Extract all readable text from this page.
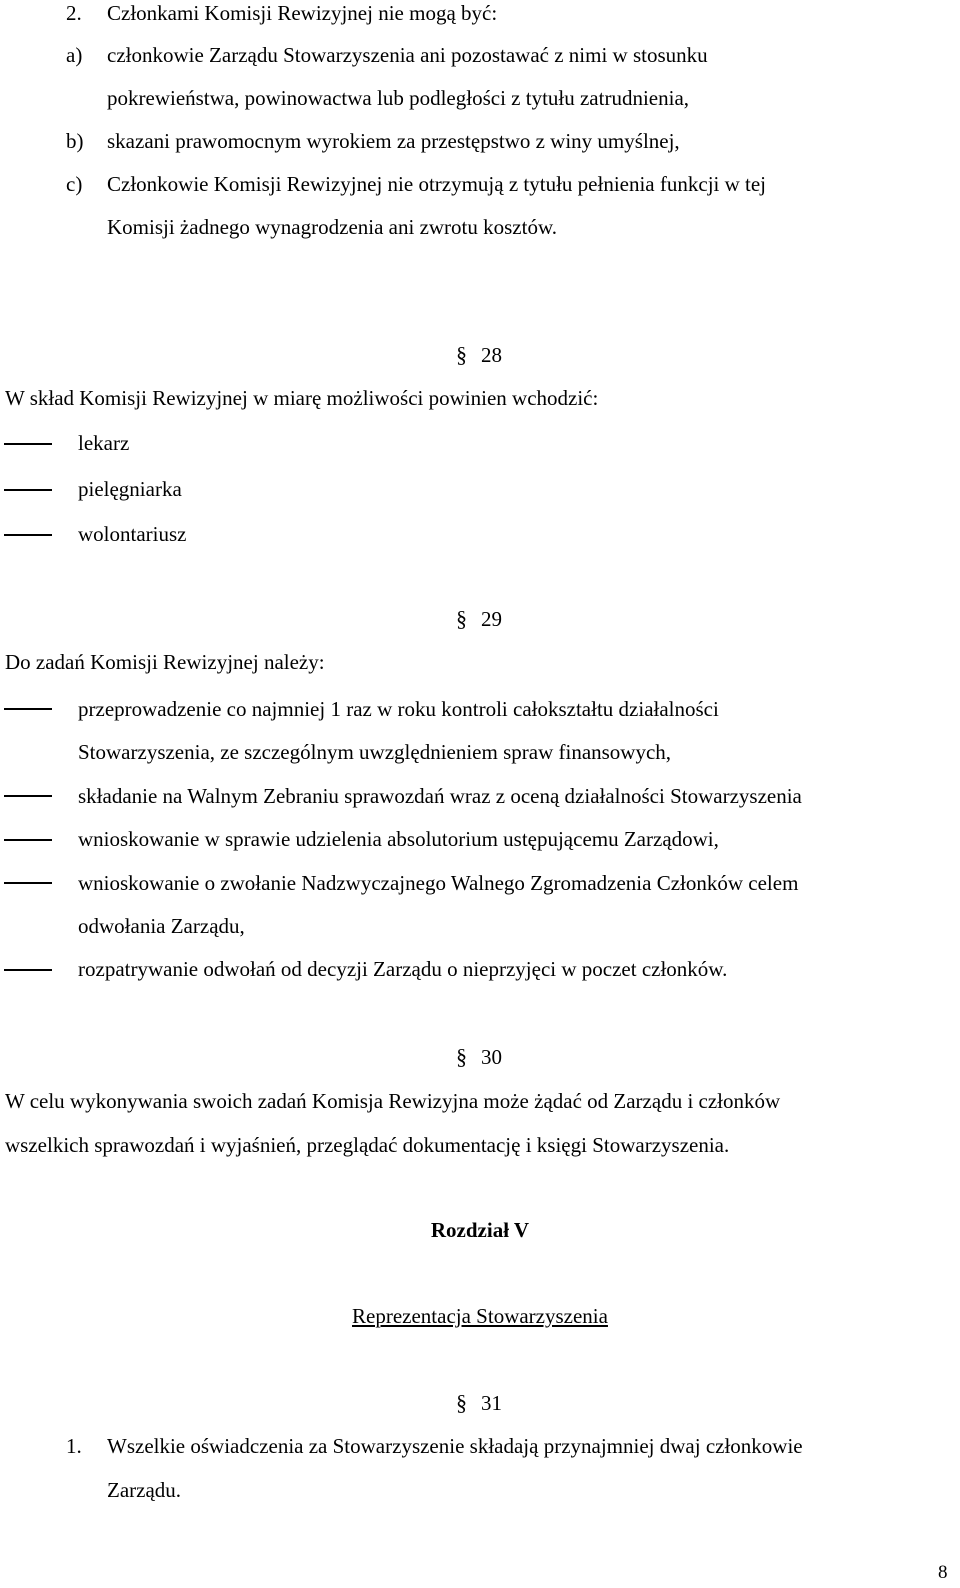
2. Członkami Komisji Rewizyjnej nie mogą być:
a) członkowie Zarządu Stowarzyszenia ani pozostawać z nimi w stosunku
pokrewieństwa, powinowactwa lub podległości z tytułu zatrudnienia,
b) skazani prawomocnym wyrokiem za przestępstwo z winy umyślnej,
c) Członkowie Komisji Rewizyjnej nie otrzymują z tytułu pełnienia funkcji w tej
Komisji żadnego wynagrodzenia ani zwrotu kosztów.
§ 28
W skład Komisji Rewizyjnej w miarę możliwości powinien wchodzić:
lekarz
pielęgniarka
wolontariusz
§ 29
Do zadań Komisji Rewizyjnej należy:
przeprowadzenie co najmniej 1 raz w roku kontroli całokształtu działalności
Stowarzyszenia, ze szczególnym uwzględnieniem spraw finansowych,
składanie na Walnym Zebraniu sprawozdań wraz z oceną działalności Stowarzyszenia
wnioskowanie w sprawie udzielenia absolutorium ustępującemu Zarządowi,
wnioskowanie o zwołanie Nadzwyczajnego Walnego Zgromadzenia Członków celem
odwołania Zarządu,
rozpatrywanie odwołań od decyzji Zarządu o nieprzyjęci w poczet członków.
§ 30
W celu wykonywania swoich zadań Komisja Rewizyjna może żądać od Zarządu i członków
wszelkich sprawozdań i wyjaśnień, przeglądać dokumentację i księgi Stowarzyszenia.
Rozdział V
Reprezentacja Stowarzyszenia
§ 31
1. Wszelkie oświadczenia za Stowarzyszenie składają przynajmniej dwaj członkowie
Zarządu.
8
